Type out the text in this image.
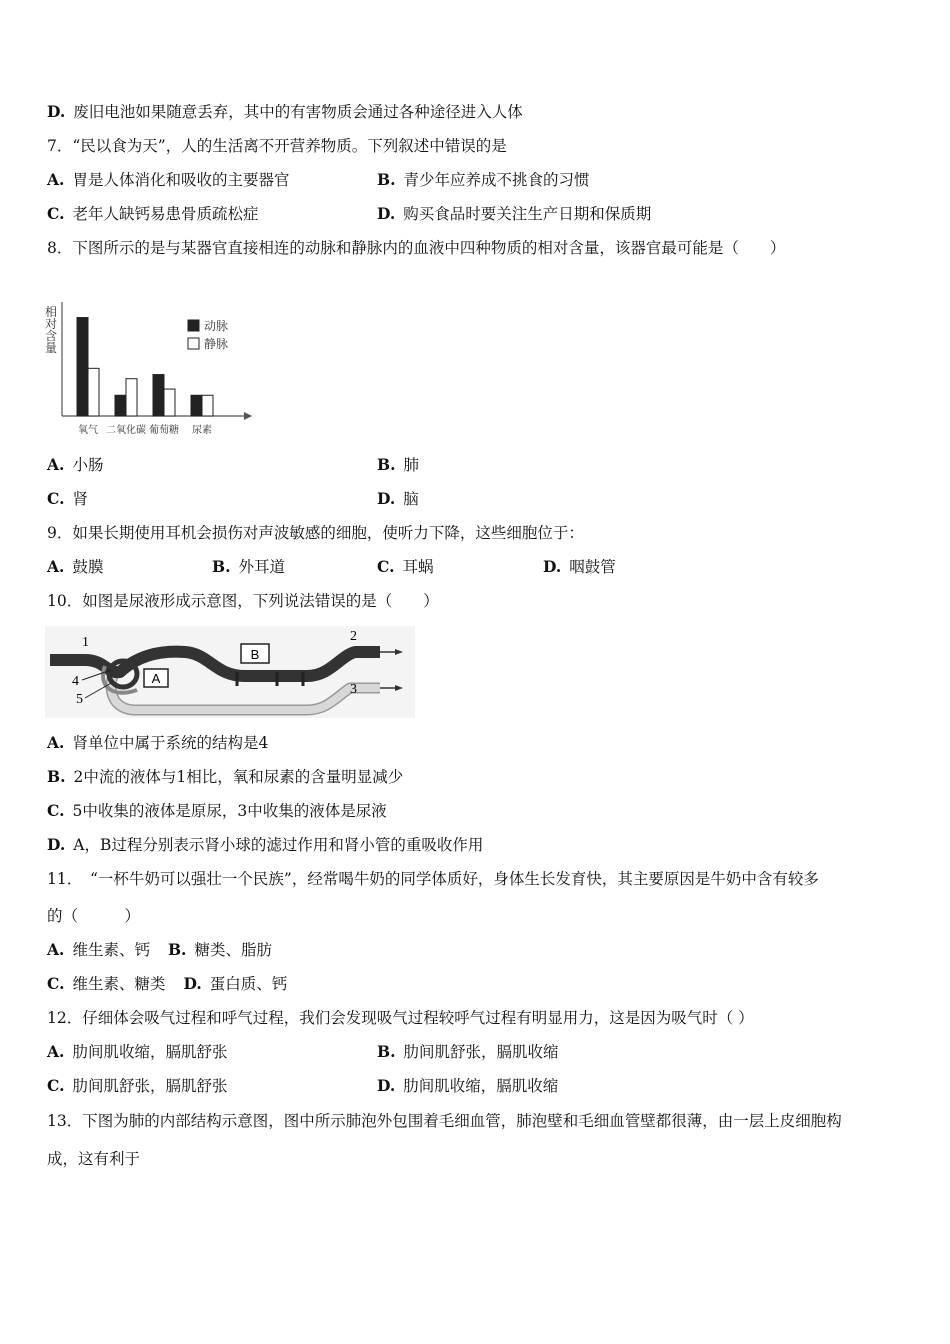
D. 废旧电池如果随意丢弃，其中的有害物质会通过各种途径进入人体
7．“民以食为天”，人的生活离不开营养物质。下列叙述中错误的是
A. 胃是人体消化和吸收的主要器官	B. 青少年应养成不挑食的习惯
C. 老年人缺钙易患骨质疏松症	D. 购买食品时要关注生产日期和保质期
8．下图所示的是与某器官直接相连的动脉和静脉内的血液中四种物质的相对含量，该器官最可能是（　　）
相对含量
氧气 二氧化碳 葡萄糖 尿素
动脉
静脉
A. 小肠	B. 肺
C. 肾	D. 脑
9．如果长期使用耳机会损伤对声波敏感的细胞，使听力下降，这些细胞位于：
A. 鼓膜	B. 外耳道	C. 耳蜗	D. 咽鼓管
10．如图是尿液形成示意图，下列说法错误的是（　　）
A
B
1	2
3
4
5
A. 肾单位中属于系统的结构是4
B. 2中流的液体与1相比，氧和尿素的含量明显减少
C. 5中收集的液体是原尿，3中收集的液体是尿液
D. A，B过程分别表示肾小球的滤过作用和肾小管的重吸收作用
11．　“一杯牛奶可以强壮一个民族”，经常喝牛奶的同学体质好，身体生长发育快，其主要原因是牛奶中含有较多
的（　　　）
A. 维生素、钙 B. 糖类、脂肪
C. 维生素、糖类 D. 蛋白质、钙
12．仔细体会吸气过程和呼气过程，我们会发现吸气过程较呼气过程有明显用力，这是因为吸气时（ ）
A. 肋间肌收缩，膈肌舒张	B. 肋间肌舒张，膈肌收缩
C. 肋间肌舒张，膈肌舒张	D. 肋间肌收缩，膈肌收缩
13．下图为肺的内部结构示意图，图中所示肺泡外包围着毛细血管，肺泡壁和毛细血管壁都很薄，由一层上皮细胞构
成，这有利于
